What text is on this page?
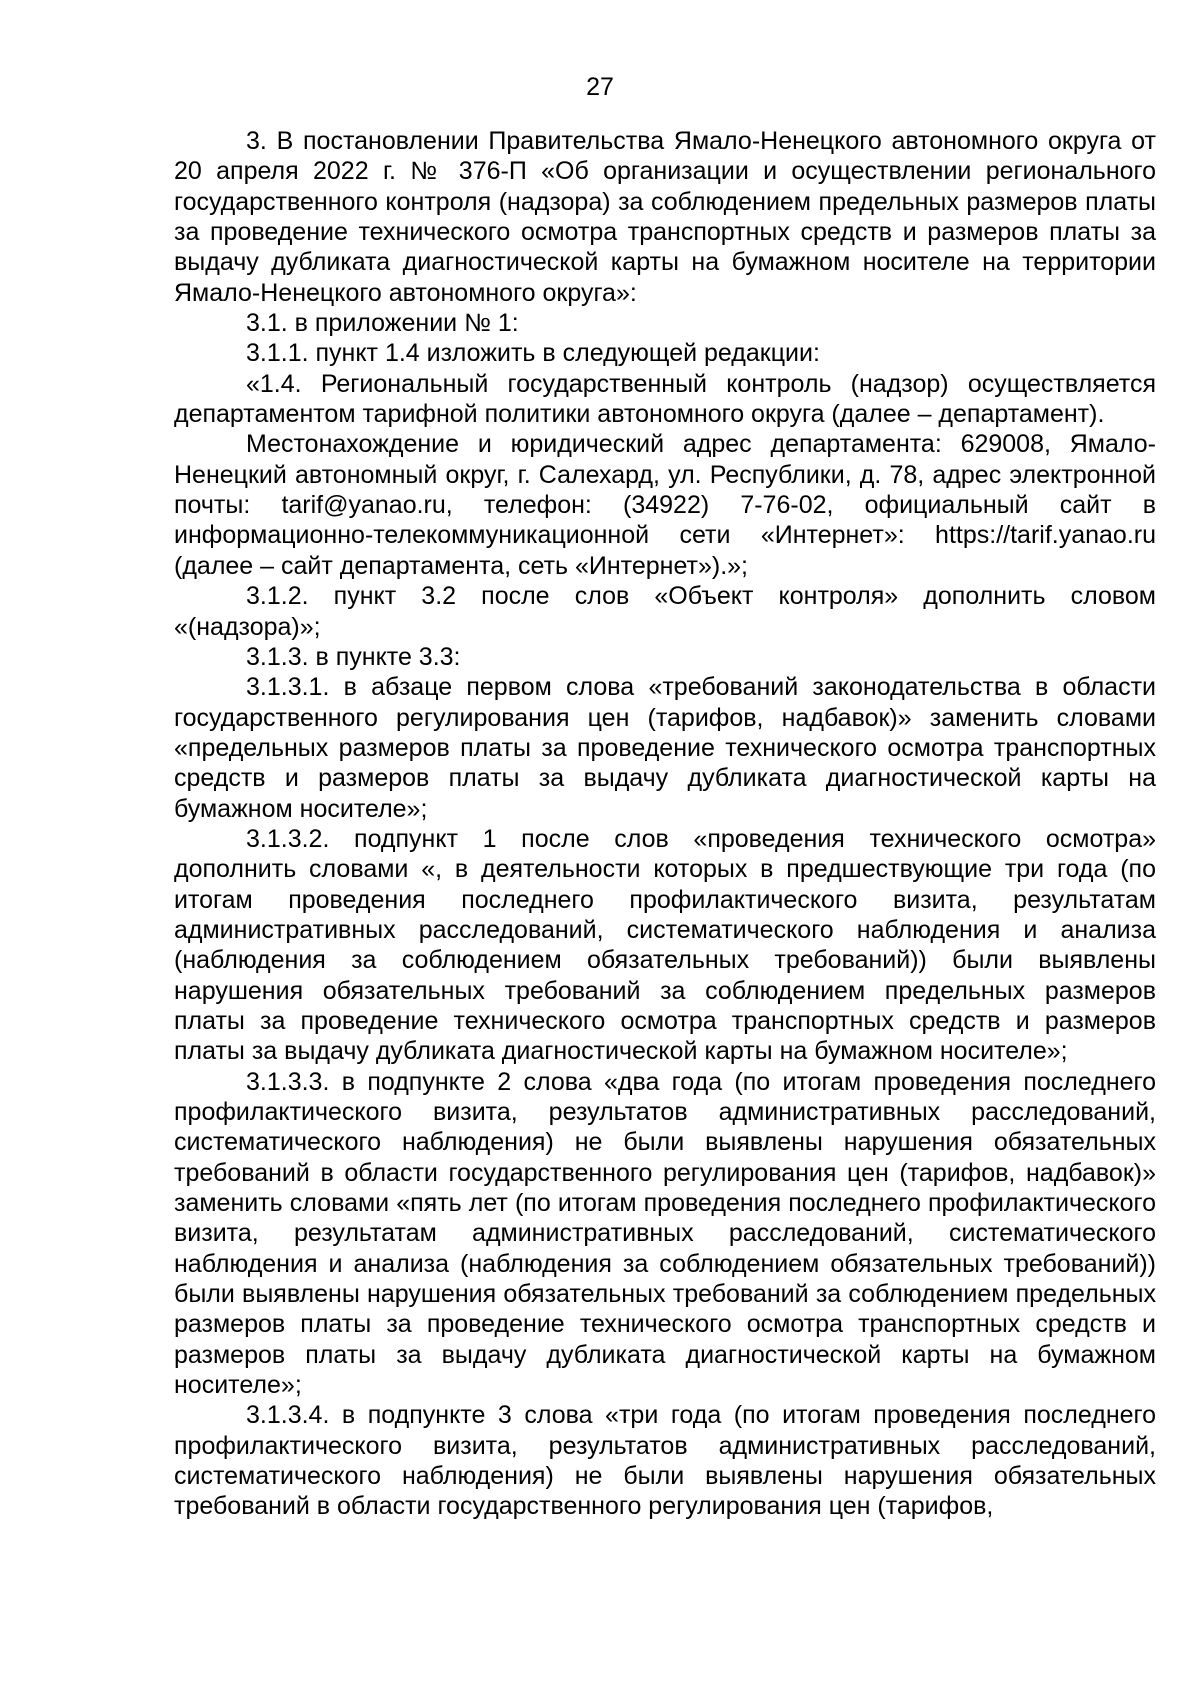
27

3. В постановлении Правительства Ямало-Ненецкого автономного округа от 20 апреля 2022 г. № 376-П «Об организации и осуществлении регионального государственного контроля (надзора) за соблюдением предельных размеров платы за проведение технического осмотра транспортных средств и размеров платы за выдачу дубликата диагностической карты на бумажном носителе на территории Ямало-Ненецкого автономного округа»:

3.1. в приложении № 1:

3.1.1. пункт 1.4 изложить в следующей редакции:

«1.4. Региональный государственный контроль (надзор) осуществляется департаментом тарифной политики автономного округа (далее – департамент).

Местонахождение и юридический адрес департамента: 629008, Ямало-Ненецкий автономный округ, г. Салехард, ул. Республики, д. 78, адрес электронной почты: tarif@yanao.ru, телефон: (34922) 7-76-02, официальный сайт в информационно-телекоммуникационной сети «Интернет»: https://tarif.yanao.ru (далее – сайт департамента, сеть «Интернет»).»;

3.1.2. пункт 3.2 после слов «Объект контроля» дополнить словом «(надзора)»;

3.1.3. в пункте 3.3:

3.1.3.1. в абзаце первом слова «требований законодательства в области государственного регулирования цен (тарифов, надбавок)» заменить словами «предельных размеров платы за проведение технического осмотра транспортных средств и размеров платы за выдачу дубликата диагностической карты на бумажном носителе»;

3.1.3.2. подпункт 1 после слов «проведения технического осмотра» дополнить словами «, в деятельности которых в предшествующие три года (по итогам проведения последнего профилактического визита, результатам административных расследований, систематического наблюдения и анализа (наблюдения за соблюдением обязательных требований)) были выявлены нарушения обязательных требований за соблюдением предельных размеров платы за проведение технического осмотра транспортных средств и размеров платы за выдачу дубликата диагностической карты на бумажном носителе»;

3.1.3.3. в подпункте 2 слова «два года (по итогам проведения последнего профилактического визита, результатов административных расследований, систематического наблюдения) не были выявлены нарушения обязательных требований в области государственного регулирования цен (тарифов, надбавок)» заменить словами «пять лет (по итогам проведения последнего профилактического визита, результатам административных расследований, систематического наблюдения и анализа (наблюдения за соблюдением обязательных требований)) были выявлены нарушения обязательных требований за соблюдением предельных размеров платы за проведение технического осмотра транспортных средств и размеров платы за выдачу дубликата диагностической карты на бумажном носителе»;

3.1.3.4. в подпункте 3 слова «три года (по итогам проведения последнего профилактического визита, результатов административных расследований, систематического наблюдения) не были выявлены нарушения обязательных требований в области государственного регулирования цен (тарифов,
